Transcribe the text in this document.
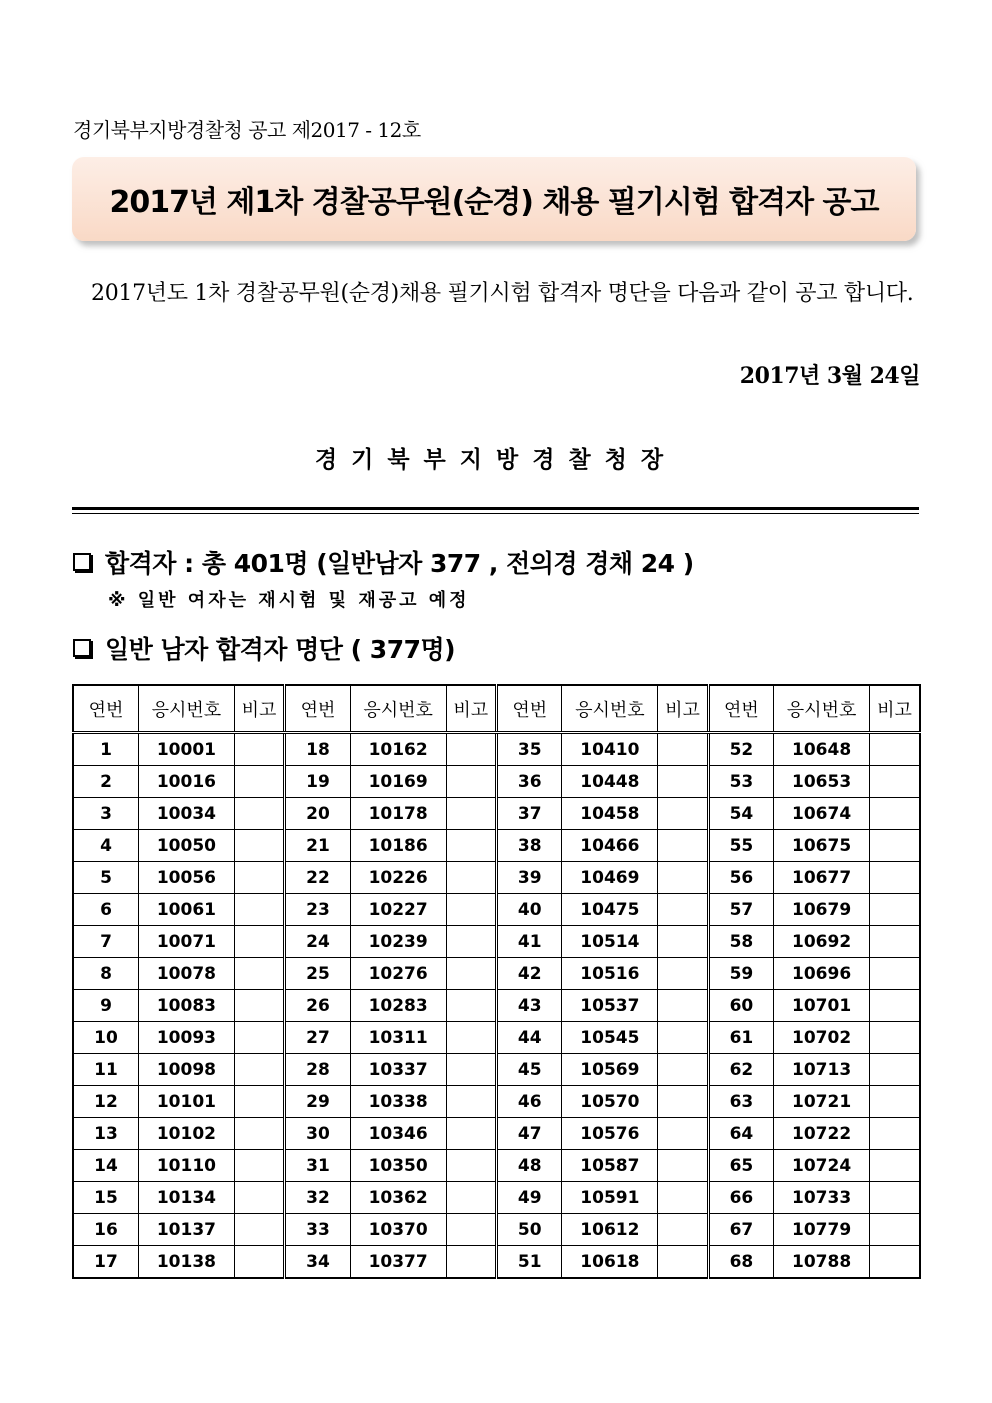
경기북부지방경찰청 공고 제2017 - 12호
2017년 제1차 경찰공무원(순경) 채용 필기시험 합격자 공고
2017년도 1차 경찰공무원(순경)채용 필기시험 합격자 명단을 다음과 같이 공고 합니다.
2017년 3월 24일
경기북부지방경찰청장
합격자 : 총 401명 (일반남자 377 , 전의경 경채 24 )
※ 일반 여자는 재시험 및 재공고 예정
일반 남자 합격자 명단 ( 377명)
연번	응시번호	비고	연번	응시번호	비고	연번	응시번호	비고	연번	응시번호	비고
1	10001		18	10162		35	10410		52	10648	
2	10016		19	10169		36	10448		53	10653	
3	10034		20	10178		37	10458		54	10674	
4	10050		21	10186		38	10466		55	10675	
5	10056		22	10226		39	10469		56	10677	
6	10061		23	10227		40	10475		57	10679	
7	10071		24	10239		41	10514		58	10692	
8	10078		25	10276		42	10516		59	10696	
9	10083		26	10283		43	10537		60	10701	
10	10093		27	10311		44	10545		61	10702	
11	10098		28	10337		45	10569		62	10713	
12	10101		29	10338		46	10570		63	10721	
13	10102		30	10346		47	10576		64	10722	
14	10110		31	10350		48	10587		65	10724	
15	10134		32	10362		49	10591		66	10733	
16	10137		33	10370		50	10612		67	10779	
17	10138		34	10377		51	10618		68	10788	
